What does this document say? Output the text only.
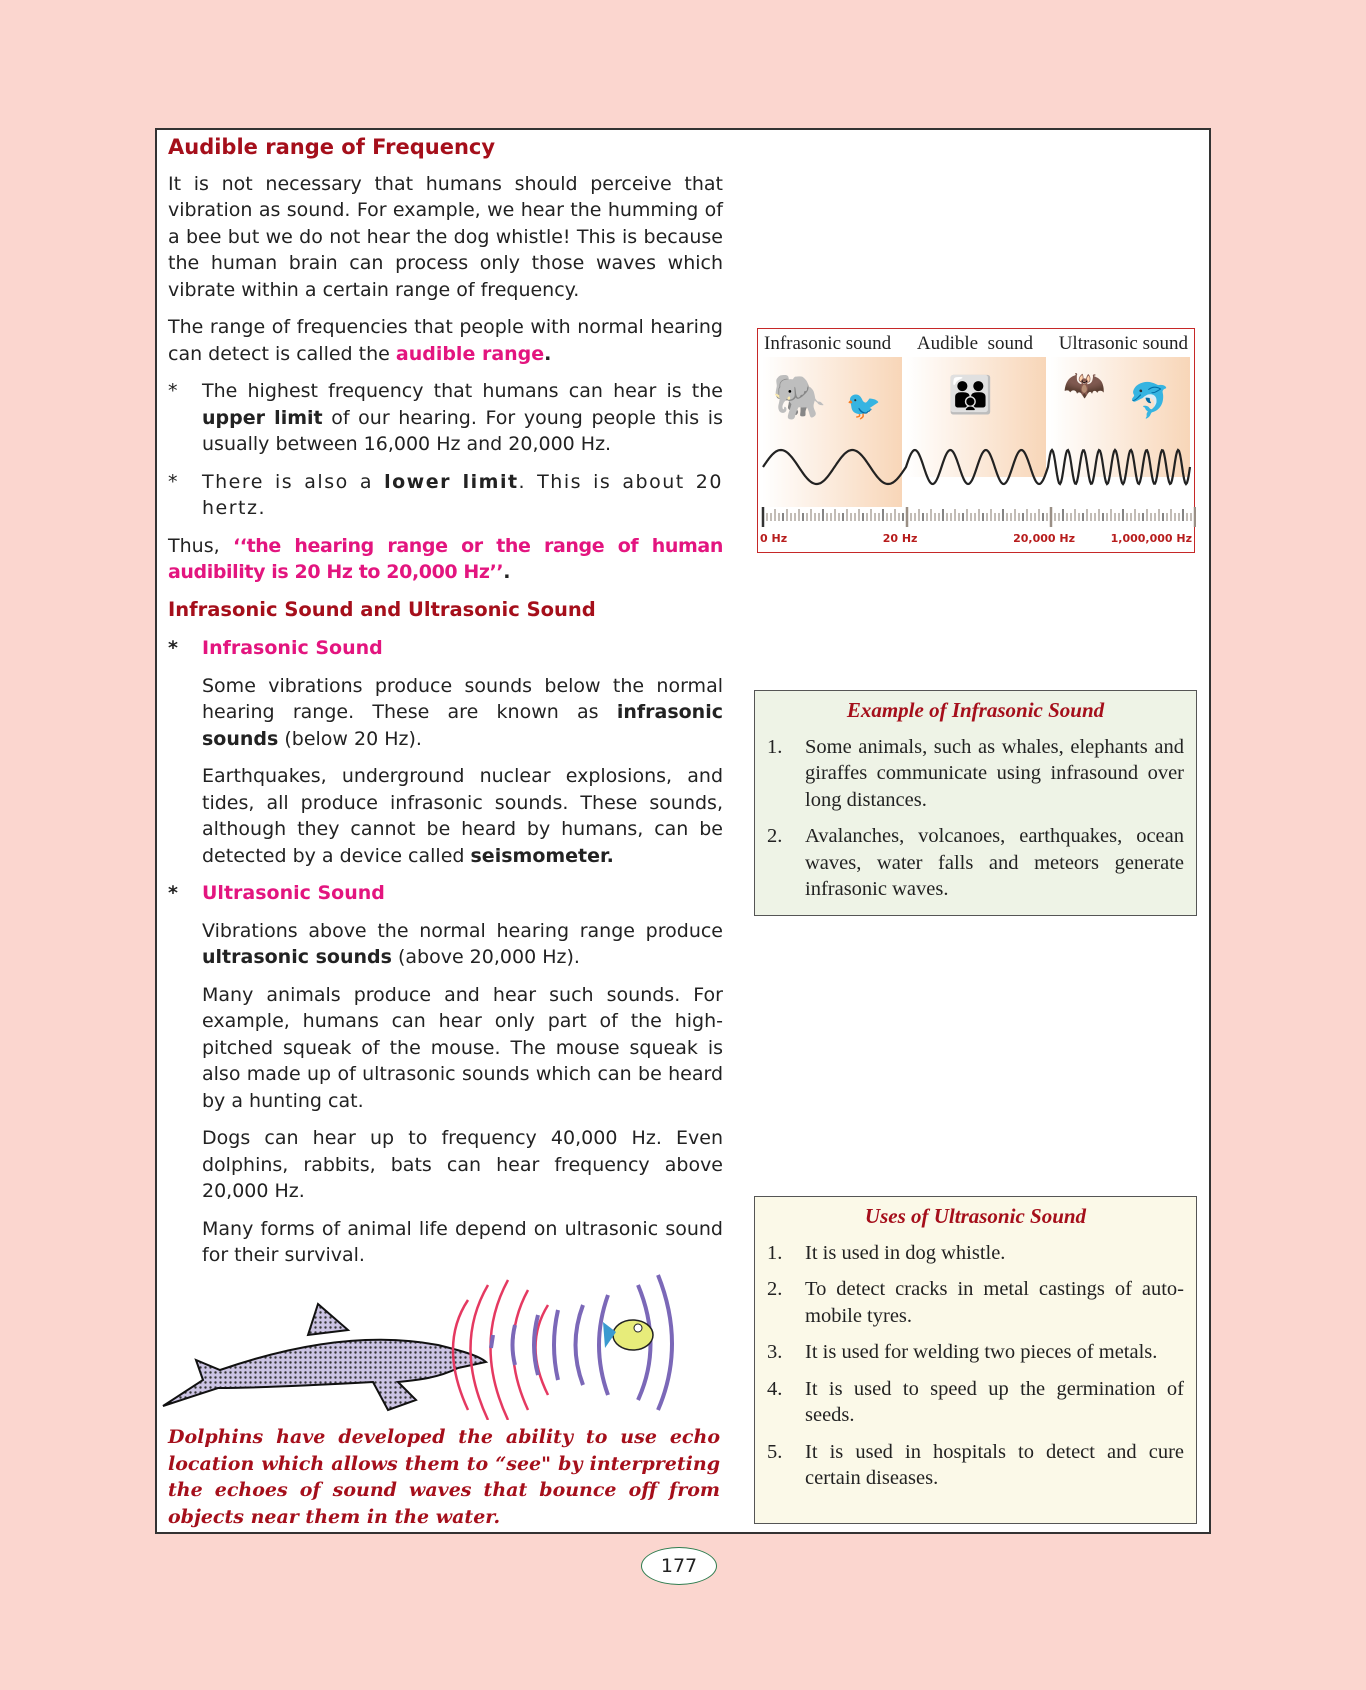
Audible range of Frequency

It is not necessary that humans should perceive that vibration as sound. For example, we hear the humming of a bee but we do not hear the dog whistle! This is because the human brain can process only those waves which vibrate within a certain range of frequency.

The range of frequencies that people with normal hearing can detect is called the audible range.

*	The highest frequency that humans can hear is the upper limit of our hearing. For young people this is usually between 16,000 Hz and 20,000 Hz.
*	There is also a lower limit. This is about 20 hertz.

Thus, ‘‘the hearing range or the range of human audibility is 20 Hz to 20,000 Hz’’.

Infrasonic Sound and Ultrasonic Sound
*	Infrasonic Sound

Some vibrations produce sounds below the normal hearing range. These are known as infrasonic sounds (below 20 Hz).

Earthquakes, underground nuclear explosions, and tides, all produce infrasonic sounds. These sounds, although they cannot be heard by humans, can be detected by a device called seismometer.

*	Ultrasonic Sound

Vibrations above the normal hearing range produce ultrasonic sounds (above 20,000 Hz).

Many animals produce and hear such sounds. For example, humans can hear only part of the high-pitched squeak of the mouse. The mouse squeak is also made up of ultrasonic sounds which can be heard by a hunting cat.

Dogs can hear up to frequency 40,000 Hz. Even dolphins, rabbits, bats can hear frequency above 20,000 Hz.

Many forms of animal life depend on ultrasonic sound for their survival.

Dolphins have developed the ability to use echo location which allows them to “see" by interpreting the echoes of sound waves that bounce off from objects near them in the water.
Infrasonic sound Audible  sound Ultrasonic sound
🐘 🐦 👪 🦇 🐬
0 Hz	20 Hz	20,000 Hz	1,000,000 Hz
Example of Infrasonic Sound
1.	Some animals, such as whales, elephants and giraffes communicate using infrasound over long distances.
2.	Avalanches, volcanoes, earthquakes, ocean waves, water falls and meteors generate infrasonic waves.
Uses of Ultrasonic Sound
1.	It is used in dog whistle.
2.	To detect cracks in metal castings of auto-mobile tyres.
3.	It is used for welding two pieces of metals.
4.	It is used to speed up the germination of seeds.
5.	It is used in hospitals to detect and cure certain diseases.
177
